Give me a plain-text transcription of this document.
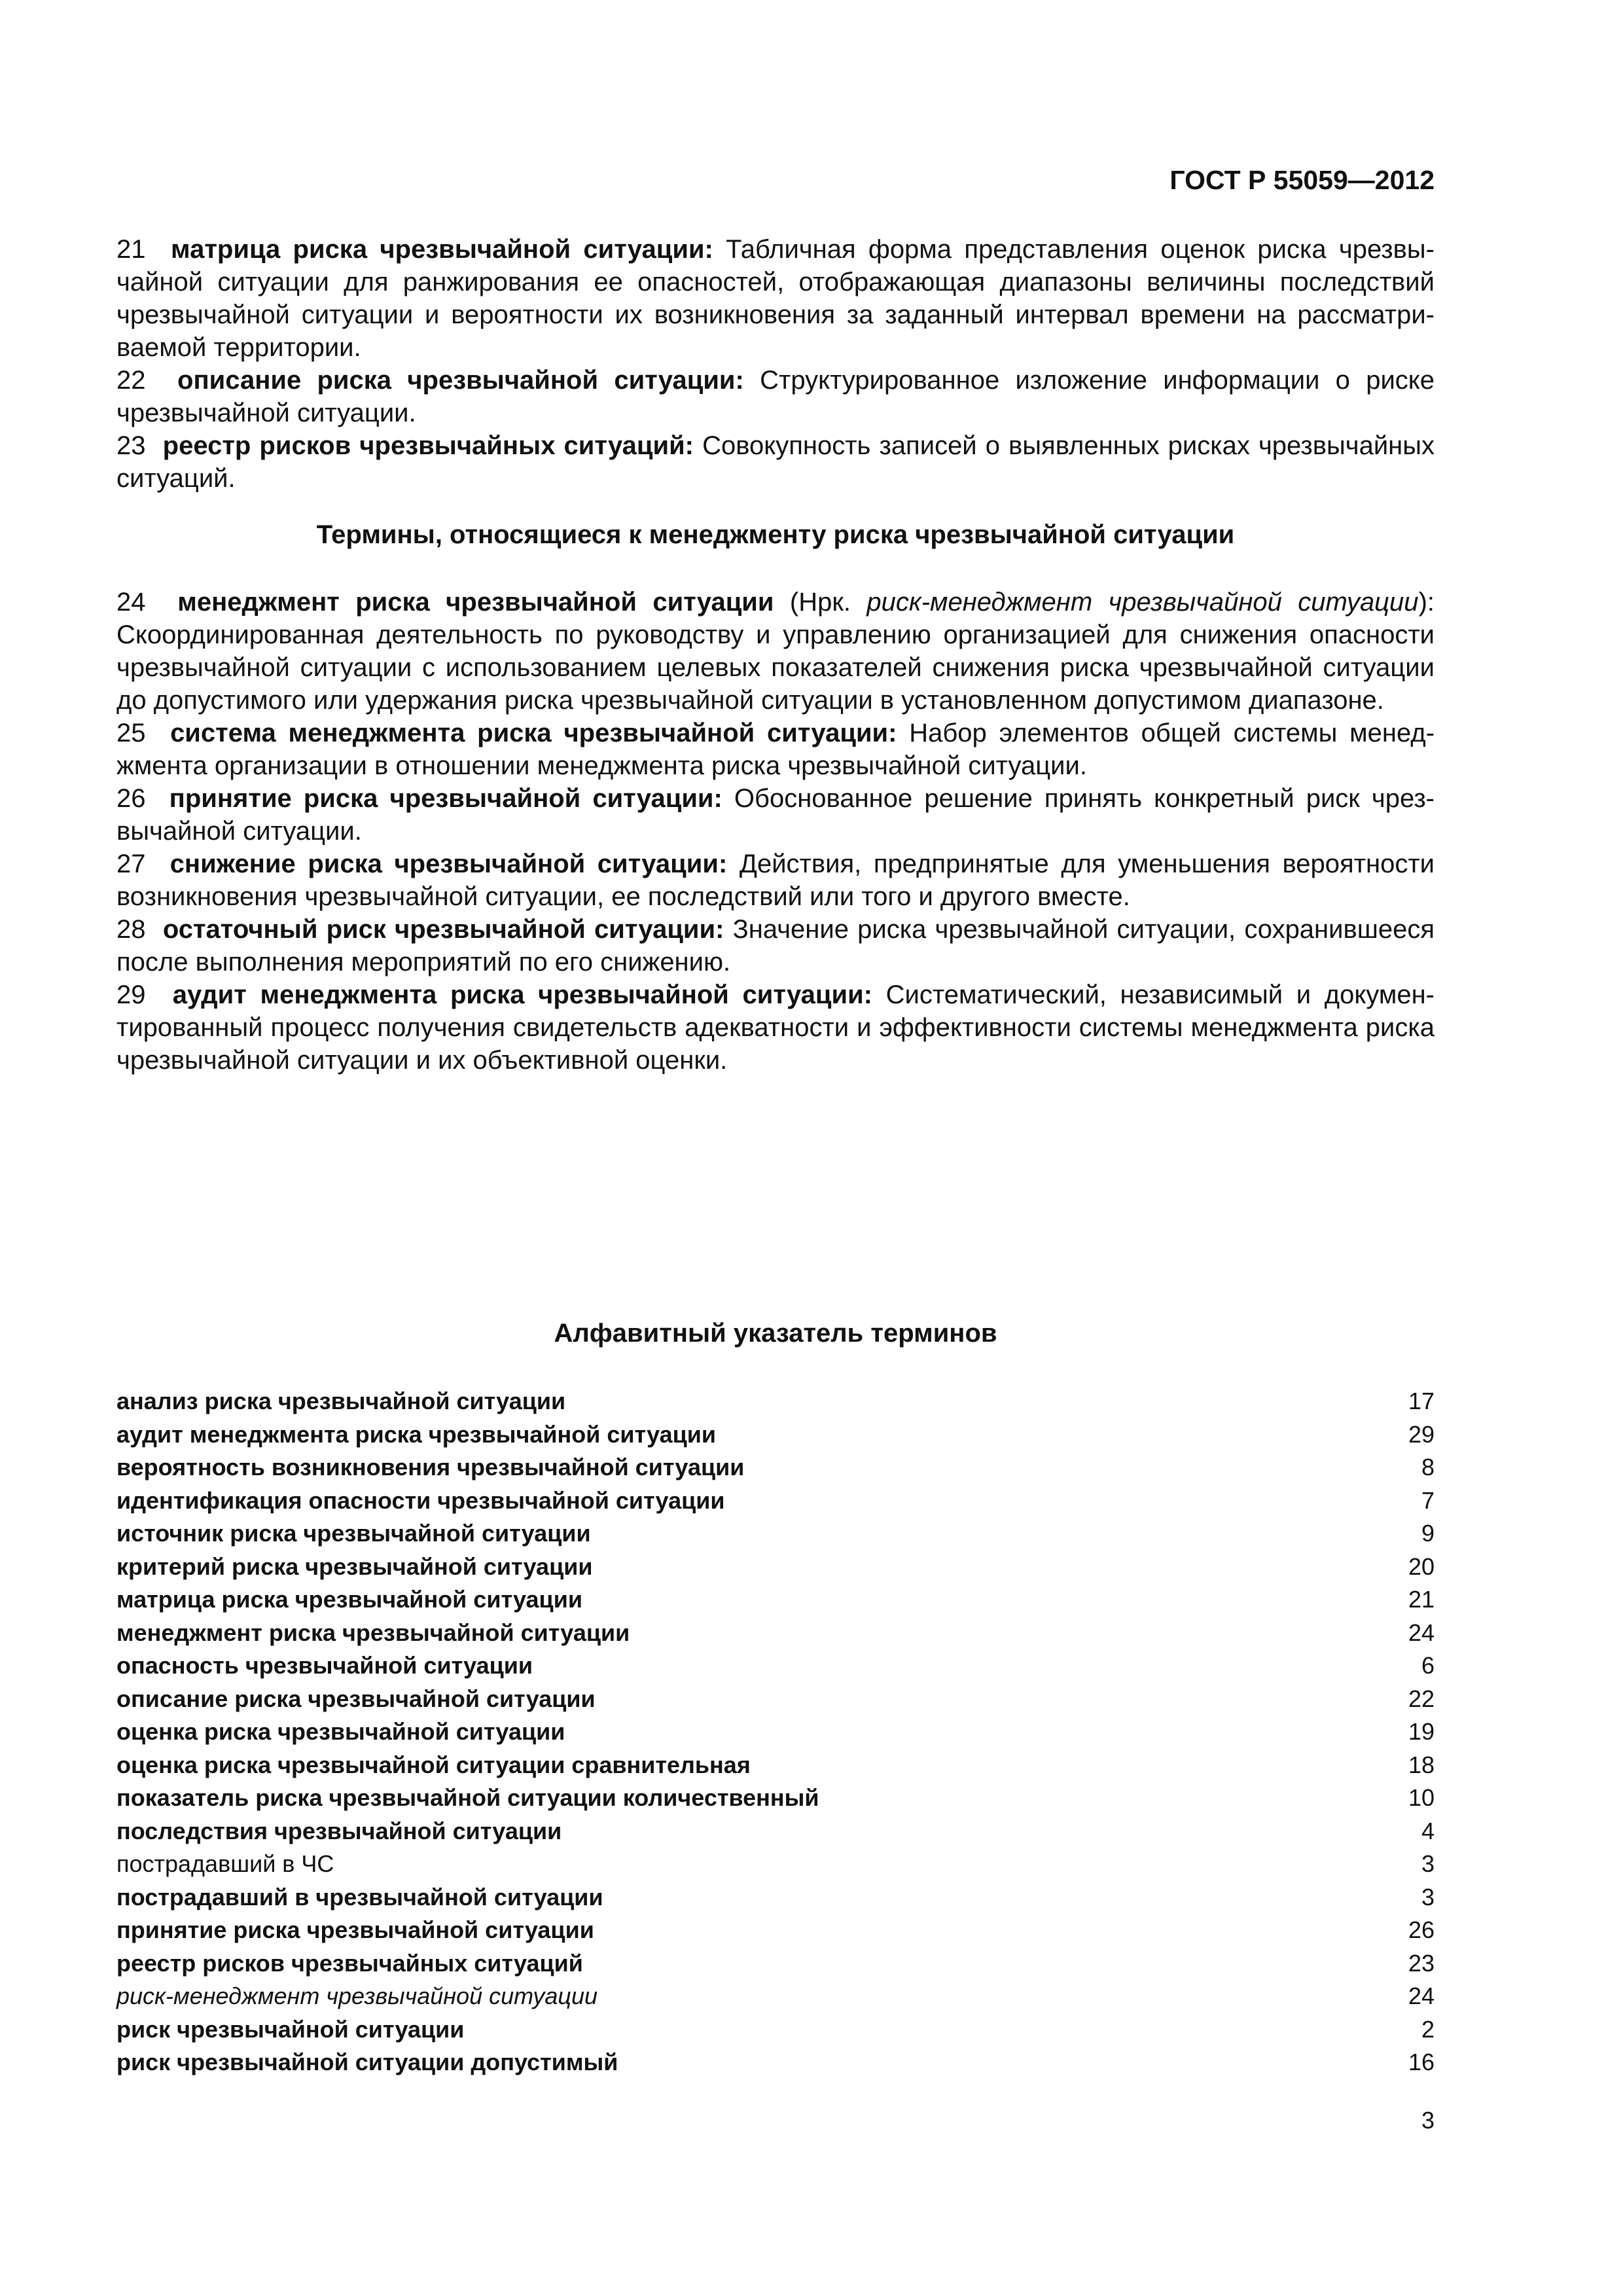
ГОСТ Р 55059—2012

21 матрица риска чрезвычайной ситуации: Табличная форма представления оценок риска чрезвычайной ситуации для ранжирования ее опасностей, отображающая диапазоны величины последствий чрезвычайной ситуации и вероятности их возникновения за заданный интервал времени на рассматриваемой территории.

22 описание риска чрезвычайной ситуации: Структурированное изложение информации о риске чрезвычайной ситуации.

23 реестр рисков чрезвычайных ситуаций: Совокупность записей о выявленных рисках чрезвычайных ситуаций.

Термины, относящиеся к менеджменту риска чрезвычайной ситуации

24 менеджмент риска чрезвычайной ситуации (Нрк. риск-менеджмент чрезвычайной ситуации): Скоординированная деятельность по руководству и управлению организацией для снижения опасности чрезвычайной ситуации с использованием целевых показателей снижения риска чрезвычайной ситуации до допустимого или удержания риска чрезвычайной ситуации в установленном допустимом диапазоне.

25 система менеджмента риска чрезвычайной ситуации: Набор элементов общей системы менеджмента организации в отношении менеджмента риска чрезвычайной ситуации.

26 принятие риска чрезвычайной ситуации: Обоснованное решение принять конкретный риск чрезвычайной ситуации.

27 снижение риска чрезвычайной ситуации: Действия, предпринятые для уменьшения вероятности возникновения чрезвычайной ситуации, ее последствий или того и другого вместе.

28 остаточный риск чрезвычайной ситуации: Значение риска чрезвычайной ситуации, сохранившееся после выполнения мероприятий по его снижению.

29 аудит менеджмента риска чрезвычайной ситуации: Систематический, независимый и документированный процесс получения свидетельств адекватности и эффективности системы менеджмента риска чрезвычайной ситуации и их объективной оценки.

Алфавитный указатель терминов
анализ риска чрезвычайной ситуации	17
аудит менеджмента риска чрезвычайной ситуации	29
вероятность возникновения чрезвычайной ситуации	8
идентификация опасности чрезвычайной ситуации	7
источник риска чрезвычайной ситуации	9
критерий риска чрезвычайной ситуации	20
матрица риска чрезвычайной ситуации	21
менеджмент риска чрезвычайной ситуации	24
опасность чрезвычайной ситуации	6
описание риска чрезвычайной ситуации	22
оценка риска чрезвычайной ситуации	19
оценка риска чрезвычайной ситуации сравнительная	18
показатель риска чрезвычайной ситуации количественный	10
последствия чрезвычайной ситуации	4
пострадавший в ЧС	3
пострадавший в чрезвычайной ситуации	3
принятие риска чрезвычайной ситуации	26
реестр рисков чрезвычайных ситуаций	23
риск-менеджмент чрезвычайной ситуации	24
риск чрезвычайной ситуации	2
риск чрезвычайной ситуации допустимый	16
3
